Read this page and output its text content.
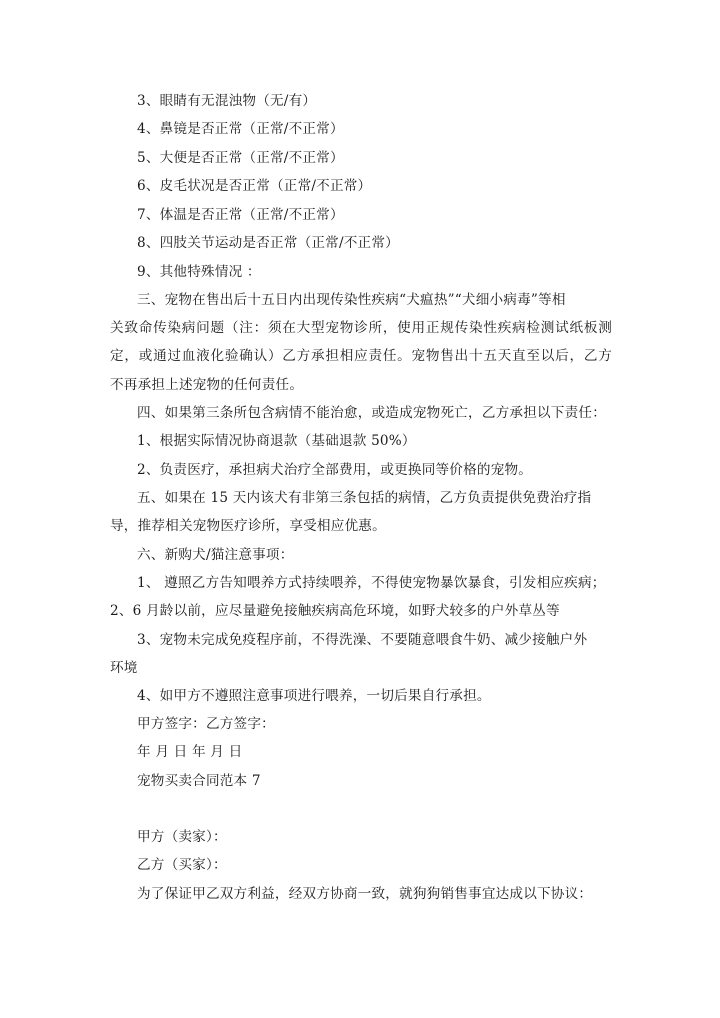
3、眼睛有无混浊物（无/有）
4、鼻镜是否正常（正常/不正常）
5、大便是否正常（正常/不正常）
6、皮毛状况是否正常（正常/不正常）
7、体温是否正常（正常/不正常）
8、四肢关节运动是否正常（正常/不正常）
9、其他特殊情况 ：
三、宠物在售出后十五日内出现传染性疾病“犬瘟热”“犬细小病毒”等相
关致命传染病问题（注：须在大型宠物诊所，使用正规传染性疾病检测试纸板测
定，或通过血液化验确认）乙方承担相应责任。宠物售出十五天直至以后，乙方
不再承担上述宠物的任何责任。
四、如果第三条所包含病情不能治愈，或造成宠物死亡，乙方承担以下责任：
1、根据实际情况协商退款（基础退款 50%）
2、负责医疗，承担病犬治疗全部费用，或更换同等价格的宠物。
五、如果在 15 天内该犬有非第三条包括的病情，乙方负责提供免费治疗指
导，推荐相关宠物医疗诊所，享受相应优惠。
六、新购犬/猫注意事项：
1、 遵照乙方告知喂养方式持续喂养，不得使宠物暴饮暴食，引发相应疾病；
2、6 月龄以前，应尽量避免接触疾病高危环境，如野犬较多的户外草丛等
3、宠物未完成免疫程序前，不得洗澡、不要随意喂食牛奶、减少接触户外
环境
4、如甲方不遵照注意事项进行喂养，一切后果自行承担。
甲方签字：乙方签字：
年 月 日 年 月 日
宠物买卖合同范本 7
甲方（卖家）：
乙方（买家）：
为了保证甲乙双方利益，经双方协商一致，就狗狗销售事宜达成以下协议：
